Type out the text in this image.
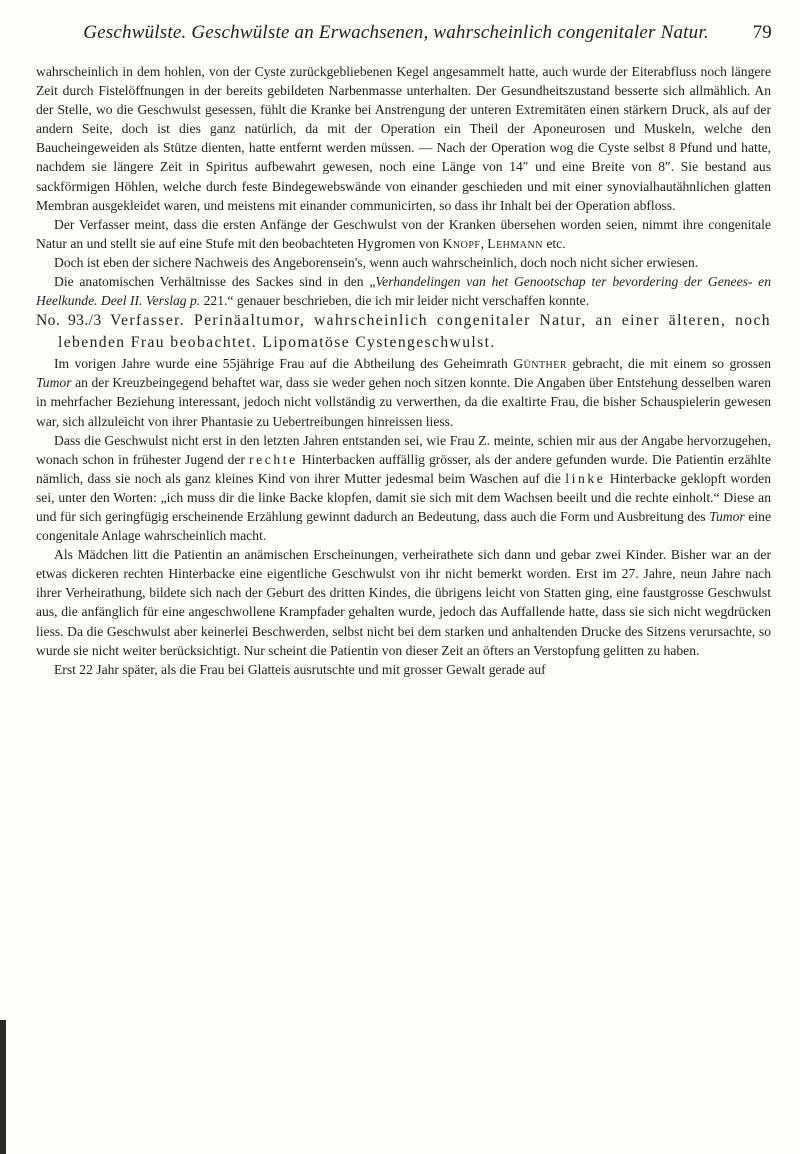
Geschwülste. Geschwülste an Erwachsenen, wahrscheinlich congenitaler Natur.	79

wahrscheinlich in dem hohlen, von der Cyste zurückgebliebenen Kegel angesammelt hatte, auch wurde der Eiterabfluss noch längere Zeit durch Fistelöffnungen in der bereits gebildeten Narbenmasse unterhalten. Der Gesundheitszustand besserte sich allmählich. An der Stelle, wo die Geschwulst gesessen, fühlt die Kranke bei Anstrengung der unteren Extremitäten einen stärkern Druck, als auf der andern Seite, doch ist dies ganz natürlich, da mit der Operation ein Theil der Aponeurosen und Muskeln, welche den Baucheingeweiden als Stütze dienten, hatte entfernt werden müssen. — Nach der Operation wog die Cyste selbst 8 Pfund und hatte, nachdem sie längere Zeit in Spiritus aufbewahrt gewesen, noch eine Länge von 14″ und eine Breite von 8″. Sie bestand aus sackförmigen Höhlen, welche durch feste Bindegewebswände von einander geschieden und mit einer synovialhautähnlichen glatten Membran ausgekleidet waren, und meistens mit einander communicirten, so dass ihr Inhalt bei der Operation abfloss.

Der Verfasser meint, dass die ersten Anfänge der Geschwulst von der Kranken übersehen worden seien, nimmt ihre congenitale Natur an und stellt sie auf eine Stufe mit den beobachteten Hygromen von Knopf, Lehmann etc.

Doch ist eben der sichere Nachweis des Angeborensein's, wenn auch wahrscheinlich, doch noch nicht sicher erwiesen.

Die anatomischen Verhältnisse des Sackes sind in den „Verhandelingen van het Genootschap ter bevordering der Genees- en Heelkunde. Deel II. Verslag p. 221.“ genauer beschrieben, die ich mir leider nicht verschaffen konnte.

No. 93./3 Verfasser. Perinäaltumor, wahrscheinlich congenitaler Natur, an einer älteren, noch lebenden Frau beobachtet. Lipomatöse Cystengeschwulst.

Im vorigen Jahre wurde eine 55jährige Frau auf die Abtheilung des Geheimrath Günther gebracht, die mit einem so grossen Tumor an der Kreuzbeingegend behaftet war, dass sie weder gehen noch sitzen konnte. Die Angaben über Entstehung desselben waren in mehrfacher Beziehung interessant, jedoch nicht vollständig zu verwerthen, da die exaltirte Frau, die bisher Schauspielerin gewesen war, sich allzuleicht von ihrer Phantasie zu Uebertreibungen hinreissen liess.

Dass die Geschwulst nicht erst in den letzten Jahren entstanden sei, wie Frau Z. meinte, schien mir aus der Angabe hervorzugehen, wonach schon in frühester Jugend der rechte Hinterbacken auffällig grösser, als der andere gefunden wurde. Die Patientin erzählte nämlich, dass sie noch als ganz kleines Kind von ihrer Mutter jedesmal beim Waschen auf die linke Hinterbacke geklopft worden sei, unter den Worten: „ich muss dir die linke Backe klopfen, damit sie sich mit dem Wachsen beeilt und die rechte einholt.“ Diese an und für sich geringfügig erscheinende Erzählung gewinnt dadurch an Bedeutung, dass auch die Form und Ausbreitung des Tumor eine congenitale Anlage wahrscheinlich macht.

Als Mädchen litt die Patientin an anämischen Erscheinungen, verheirathete sich dann und gebar zwei Kinder. Bisher war an der etwas dickeren rechten Hinterbacke eine eigentliche Geschwulst von ihr nicht bemerkt worden. Erst im 27. Jahre, neun Jahre nach ihrer Verheirathung, bildete sich nach der Geburt des dritten Kindes, die übrigens leicht von Statten ging, eine faustgrosse Geschwulst aus, die anfänglich für eine angeschwollene Krampfader gehalten wurde, jedoch das Auffallende hatte, dass sie sich nicht wegdrücken liess. Da die Geschwulst aber keinerlei Beschwerden, selbst nicht bei dem starken und anhaltenden Drucke des Sitzens verursachte, so wurde sie nicht weiter berücksichtigt. Nur scheint die Patientin von dieser Zeit an öfters an Verstopfung gelitten zu haben.

Erst 22 Jahr später, als die Frau bei Glatteis ausrutschte und mit grosser Gewalt gerade auf
